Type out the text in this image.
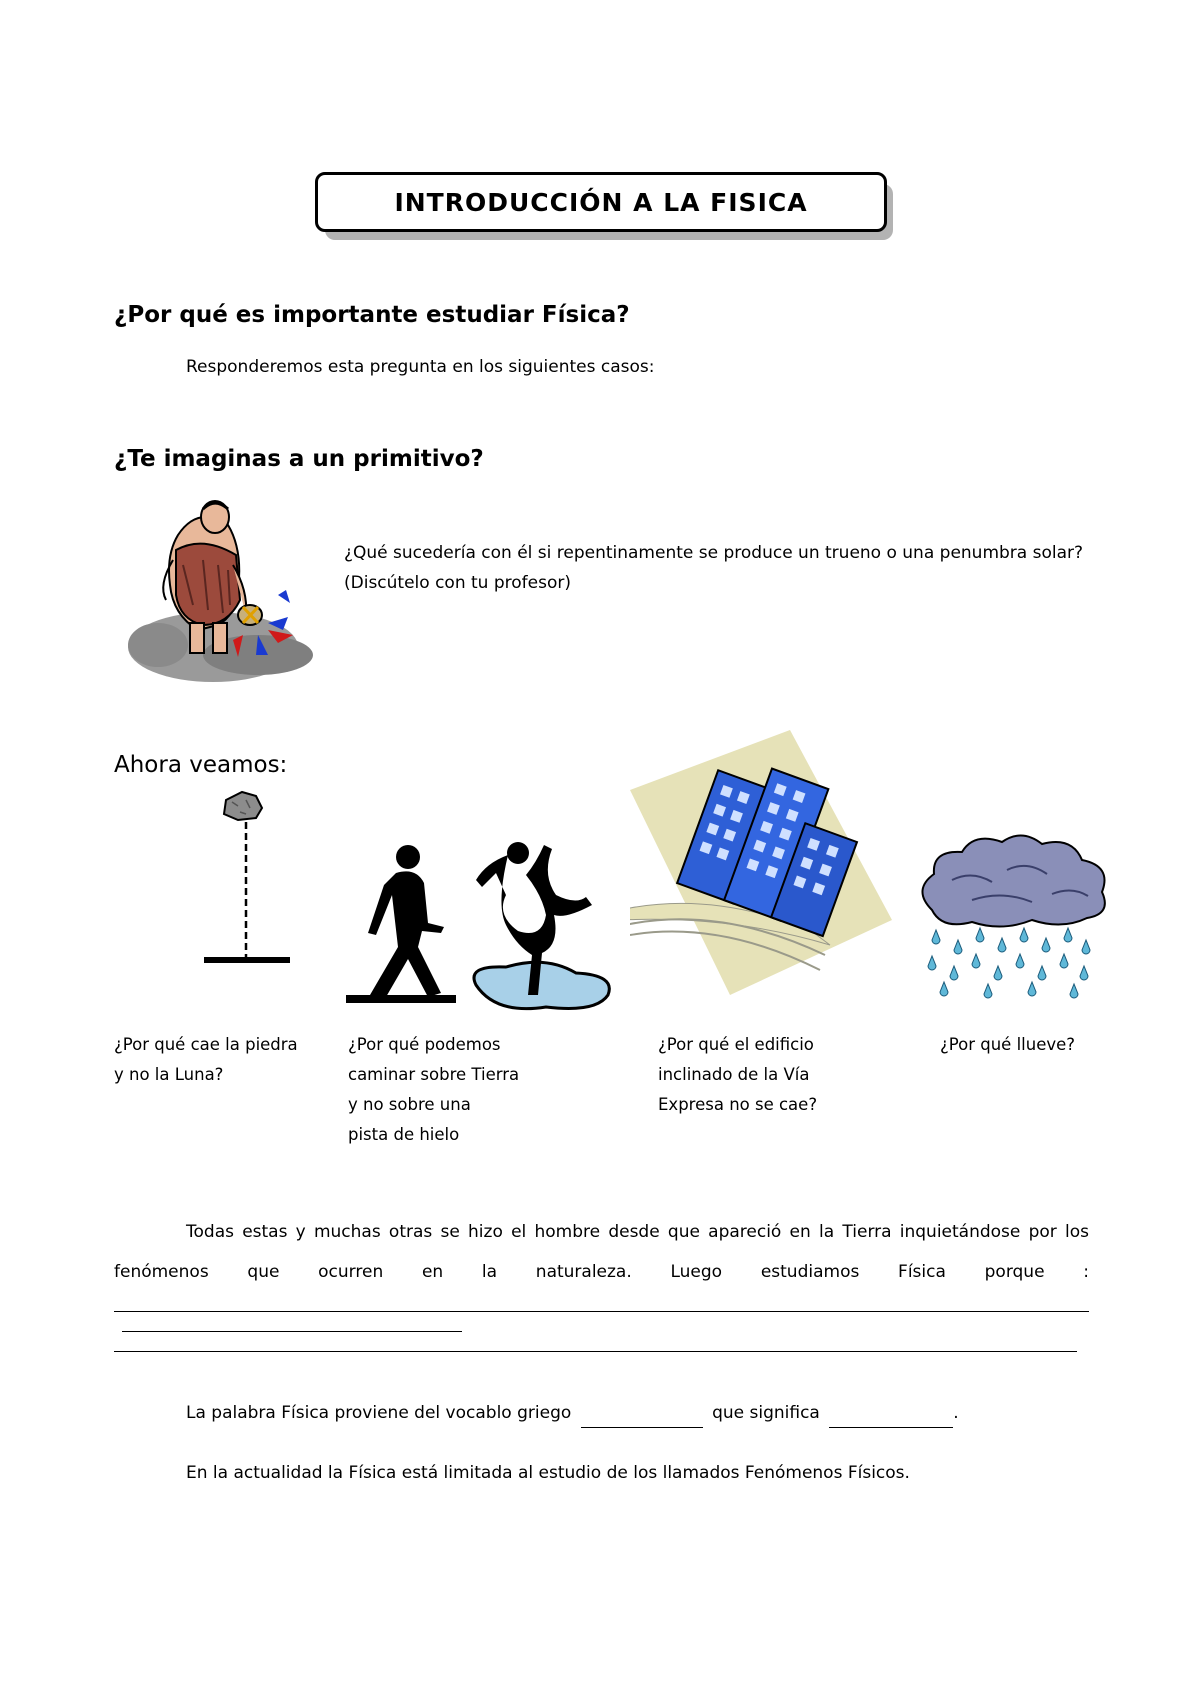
INTRODUCCIÓN A LA FISICA
¿Por qué es importante estudiar Física?
Responderemos esta pregunta en los siguientes casos:
¿Te imaginas a un primitivo?
¿Qué sucedería con él si repentinamente se produce un trueno o una penumbra solar?
(Discútelo con tu profesor)
Ahora veamos:
¿Por qué cae la piedra
y no la Luna?
¿Por qué podemos
caminar sobre Tierra
y no sobre una
pista de hielo
¿Por qué el edificio
inclinado de la Vía
Expresa no se cae?
¿Por qué llueve?
Todas estas y muchas otras se hizo el hombre desde que apareció en la Tierra inquietándose por los fenómenos que ocurren en la naturaleza. Luego estudiamos Física porque :
La palabra Física proviene del vocablo griego	que significa	.
En la actualidad la Física está limitada al estudio de los llamados Fenómenos Físicos.
